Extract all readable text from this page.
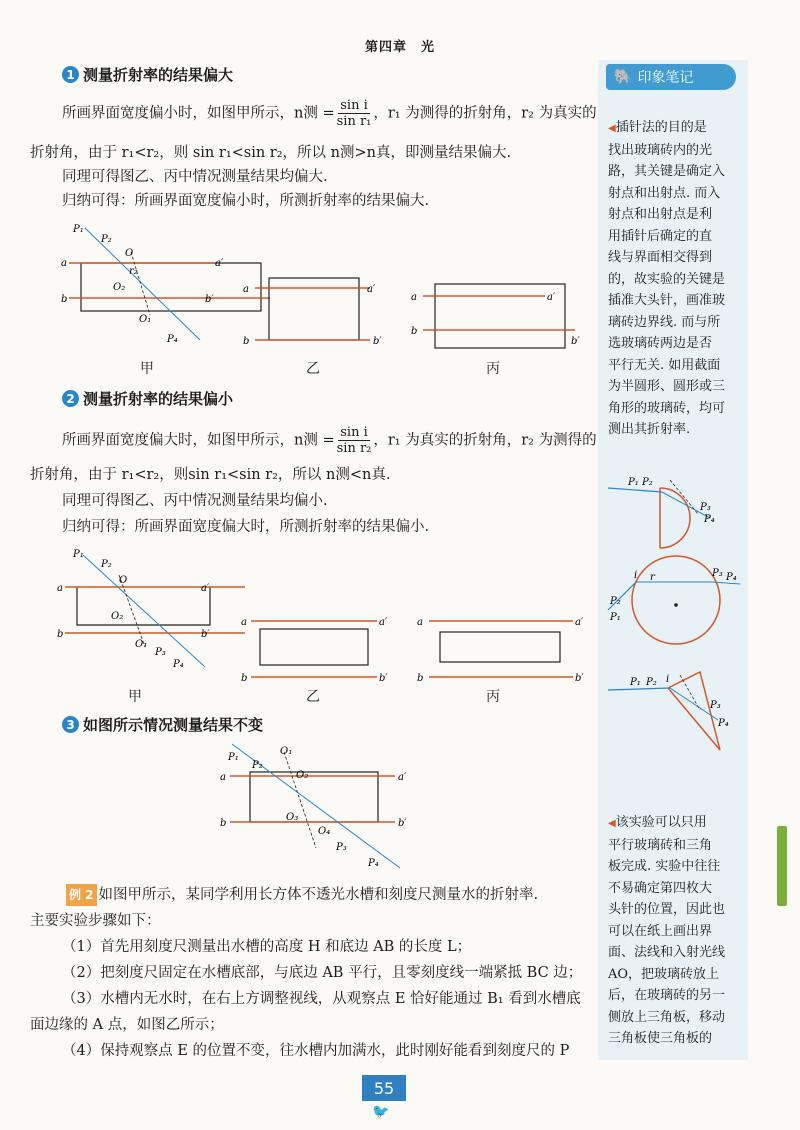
第四章　光
🐘 印象笔记
◀插针法的目的是
找出玻璃砖内的光
路，其关键是确定入
射点和出射点. 而入
射点和出射点是利
用插针后确定的直
线与界面相交得到
的，故实验的关键是
插准大头针，画准玻
璃砖边界线. 而与所
选玻璃砖两边是否
平行无关. 如用截面
为半圆形、圆形或三
角形的玻璃砖，均可
测出其折射率.
P₁ P₂
P₃
P₄
i r	P₃ P₄
P₂
P₁
P₁ P₂ i
P₃
P₄
◀该实验可以只用
平行玻璃砖和三角
板完成. 实验中往往
不易确定第四枚大
头针的位置，因此也
可以在纸上画出界
面、法线和入射光线
AO，把玻璃砖放上
后，在玻璃砖的另一
侧放上三角板，移动
三角板使三角板的
1 测量折射率的结果偏大
所画界面宽度偏小时，如图甲所示，n测 = $\frac{\text{sin i}}{\text{sin r₁}}$ ，r₁ 为测得的折射角，r₂ 为真实的
折射角，由于 r₁<r₂，则 sin r₁<sin r₂，所以 n测>n真，即测量结果偏大.
同理可得图乙、丙中情况测量结果均偏大.
归纳可得：所画界面宽度偏小时，所测折射率的结果偏大.
P₁
P₂
O
a	a′
b	b′
O₂
O₁
P₄
r₂
a	a′
b	b′
a	a′
b
b′
甲	乙	丙
2 测量折射率的结果偏小
所画界面宽度偏大时，如图甲所示，n测 = $\frac{\text{sin i}}{\text{sin r₂}}$ ，r₁ 为真实的折射角，r₂ 为测得的
折射角，由于 r₁<r₂，则sin r₁<sin r₂，所以 n测<n真.
同理可得图乙、丙中情况测量结果均偏小.
归纳可得：所画界面宽度偏大时，所测折射率的结果偏小.
P₁
P₂
O
a	a′
b	b′
O₂
O₁
P₃
P₄
a	a′
b	b′
a	a′
b	b′
甲	乙	丙
3 如图所示情况测量结果不变
P₁
P₂
O₁
O₂
a	a′
b	b′
O₃
O₄
P₃
P₄
例 2 如图甲所示，某同学利用长方体不透光水槽和刻度尺测量水的折射率.
主要实验步骤如下：
（1）首先用刻度尺测量出水槽的高度 H 和底边 AB 的长度 L；
（2）把刻度尺固定在水槽底部，与底边 AB 平行，且零刻度线一端紧抵 BC 边；
（3）水槽内无水时，在右上方调整视线，从观察点 E 恰好能通过 B₁ 看到水槽底
面边缘的 A 点，如图乙所示；
（4）保持观察点 E 的位置不变，往水槽内加满水，此时刚好能看到刻度尺的 P
55
🐦
